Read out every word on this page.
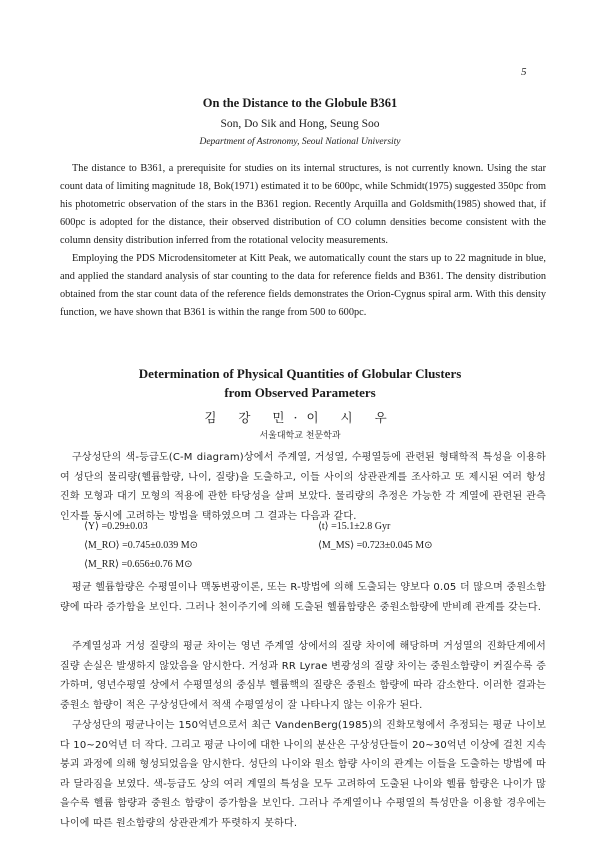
5
On the Distance to the Globule B361
Son, Do Sik and Hong, Seung Soo
Department of Astronomy, Seoul National University

The distance to B361, a prerequisite for studies on its internal structures, is not currently known. Using the star count data of limiting magnitude 18, Bok(1971) estimated it to be 600pc, while Schmidt(1975) suggested 350pc from his photometric observation of the stars in the B361 region. Recently Arquilla and Goldsmith(1985) showed that, if 600pc is adopted for the distance, their observed distribution of CO column densities become consistent with the column density distribution inferred from the rotational velocity measurements.

Employing the PDS Microdensitometer at Kitt Peak, we automatically count the stars up to 22 magnitude in blue, and applied the standard analysis of star counting to the data for reference fields and B361. The density distribution obtained from the star count data of the reference fields demonstrates the Orion-Cygnus spiral arm. With this density function, we have shown that B361 is within the range from 500 to 600pc.

Determination of Physical Quantities of Globular Clusters
from Observed Parameters
김 강 민·이 시 우
서울대학교 천문학과

구상성단의 색-등급도(C-M diagram)상에서 주계열, 거성열, 수평열등에 관련된 형태학적 특성을 이용하여 성단의 물리량(헬륨함량, 나이, 질량)을 도출하고, 이들 사이의 상관관계를 조사하고 또 제시된 여러 항성 진화 모형과 대기 모형의 적용에 관한 타당성을 살펴 보았다. 물리량의 추정은 가능한 각 계열에 관련된 관측인자를 동시에 고려하는 방법을 택하였으며 그 결과는 다음과 같다.

⟨Y⟩ =0.29±0.03	⟨t⟩ =15.1±2.8 Gyr
⟨M_RO⟩ =0.745±0.039 M⊙	⟨M_MS⟩ =0.723±0.045 M⊙
⟨M_RR⟩ =0.656±0.76 M⊙

평균 헬륨함량은 수평열이나 맥동변광이론, 또는 R-방법에 의해 도출되는 양보다 0.05 더 많으며 중원소함량에 따라 증가함을 보인다. 그러나 천이주기에 의해 도출된 헬륨함량은 중원소함량에 반비례 관계를 갖는다.

주계열성과 거성 질량의 평균 차이는 영년 주계열 상에서의 질량 차이에 해당하며 거성열의 진화단계에서 질량 손실은 발생하지 않았음을 암시한다. 거성과 RR Lyrae 변광성의 질량 차이는 중원소함량이 커질수록 증가하며, 영년수평열 상에서 수평열성의 중심부 헬륨핵의 질량은 중원소 함량에 따라 감소한다. 이러한 결과는 중원소 함량이 적은 구상성단에서 적색 수평열성이 잘 나타나지 않는 이유가 된다.

구상성단의 평균나이는 150억년으로서 최근 VandenBerg(1985)의 진화모형에서 추정되는 평균 나이보다 10~20억년 더 작다. 그리고 평균 나이에 대한 나이의 분산은 구상성단들이 20~30억년 이상에 걸친 지속 붕괴 과정에 의해 형성되었음을 암시한다. 성단의 나이와 원소 함량 사이의 관계는 이들을 도출하는 방법에 따라 달라짐을 보였다. 색-등급도 상의 여러 계열의 특성을 모두 고려하여 도출된 나이와 헬륨 함량은 나이가 많을수록 헬륨 함량과 중원소 함량이 증가함을 보인다. 그러나 주계열이나 수평열의 특성만을 이용할 경우에는 나이에 따른 원소함량의 상관관계가 뚜렷하지 못하다.
